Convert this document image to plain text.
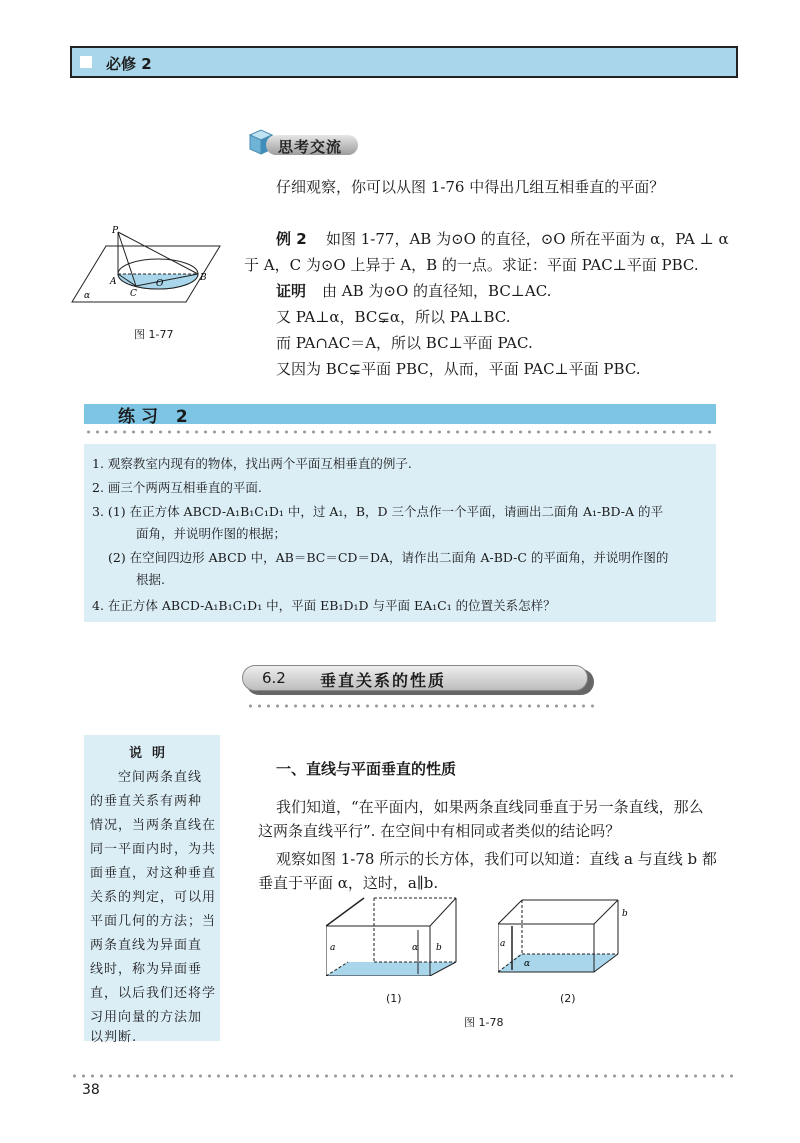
必修 2
思考交流
仔细观察，你可以从图 1-76 中得出几组互相垂直的平面？
P
A
C
B
O
α
图 1-77
例 2 如图 1-77，AB 为⊙O 的直径，⊙O 所在平面为 α，PA ⊥ α
于 A，C 为⊙O 上异于 A，B 的一点。求证：平面 PAC⊥平面 PBC.
证明 由 AB 为⊙O 的直径知，BC⊥AC.
又 PA⊥α，BC⊊α，所以 PA⊥BC.
而 PA∩AC＝A，所以 BC⊥平面 PAC.
又因为 BC⊊平面 PBC，从而，平面 PAC⊥平面 PBC.
练习 2
1. 观察教室内现有的物体，找出两个平面互相垂直的例子.
2. 画三个两两互相垂直的平面.
3. (1) 在正方体 ABCD-A₁B₁C₁D₁ 中，过 A₁，B，D 三个点作一个平面，请画出二面角 A₁-BD-A 的平
面角，并说明作图的根据；
(2) 在空间四边形 ABCD 中，AB＝BC＝CD＝DA，请作出二面角 A-BD-C 的平面角，并说明作图的
根据.
4. 在正方体 ABCD-A₁B₁C₁D₁ 中，平面 EB₁D₁D 与平面 EA₁C₁ 的位置关系怎样？
6.2 垂直关系的性质
说明
空间两条直线
的垂直关系有两种
情况，当两条直线在
同一平面内时，为共
面垂直，对这种垂直
关系的判定，可以用
平面几何的方法；当
两条直线为异面直
线时，称为异面垂
直，以后我们还将学
习用向量的方法加
以判断.
一、直线与平面垂直的性质
我们知道，“在平面内，如果两条直线同垂直于另一条直线，那么
这两条直线平行”. 在空间中有相同或者类似的结论吗？
观察如图 1-78 所示的长方体，我们可以知道：直线 a 与直线 b 都
垂直于平面 α，这时，a∥b.
a	b
α
(1)
a
b
α
(2)
图 1-78
38
